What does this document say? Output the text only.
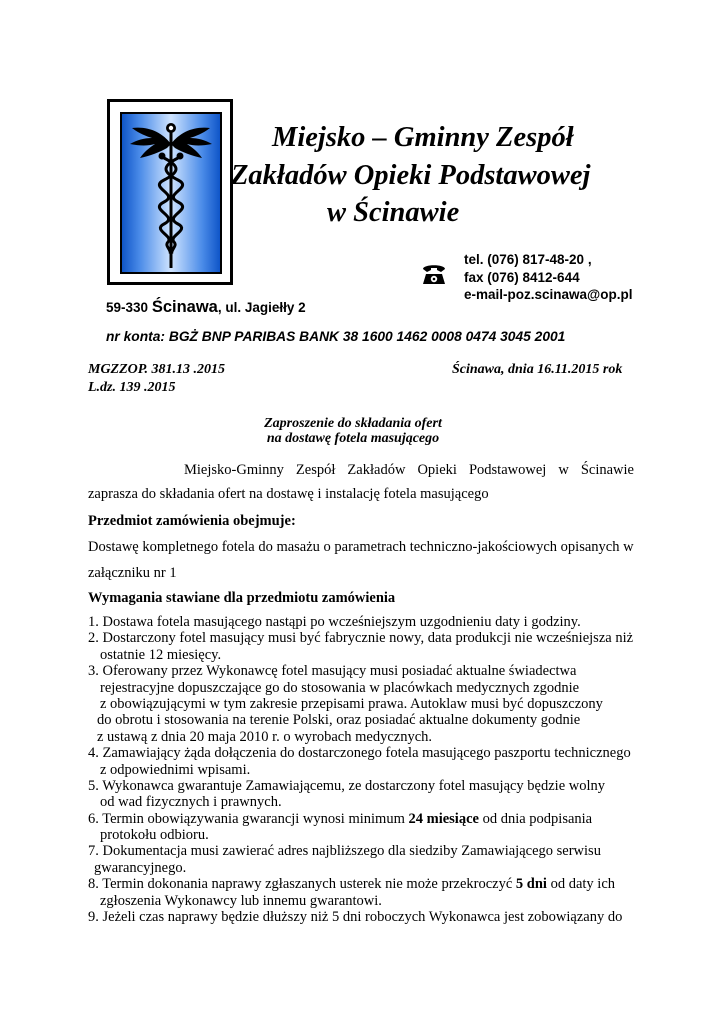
Miejsko – Gminny Zespół
Zakładów Opieki Podstawowej
w Ścinawie
tel. (076) 817-48-20 ,
fax (076) 8412-644
e-mail-poz.scinawa@op.pl
59-330 Ścinawa, ul. Jagiełły 2
nr konta: BGŻ BNP PARIBAS BANK 38 1600 1462 0008 0474 3045 2001
MGZZOP. 381.13 .2015
L.dz. 139 .2015
Ścinawa, dnia 16.11.2015 rok
Zaproszenie do składania ofert
na dostawę fotela masującego
Miejsko-Gminny Zespół Zakładów Opieki Podstawowej w Ścinawie
zaprasza do składania ofert na dostawę i instalację fotela masującego
Przedmiot zamówienia obejmuje:
Dostawę kompletnego fotela do masażu o parametrach techniczno-jakościowych opisanych w
załączniku nr 1
Wymagania stawiane dla przedmiotu zamówienia
1. Dostawa fotela masującego nastąpi po wcześniejszym uzgodnieniu daty i godziny.
2. Dostarczony fotel masujący musi być fabrycznie nowy, data produkcji nie wcześniejsza niż
ostatnie 12 miesięcy.
3. Oferowany przez Wykonawcę fotel masujący musi posiadać aktualne świadectwa
rejestracyjne dopuszczające go do stosowania w placówkach medycznych zgodnie
z obowiązującymi w tym zakresie przepisami prawa. Autoklaw musi być dopuszczony
do obrotu i stosowania na terenie Polski, oraz posiadać aktualne dokumenty godnie
z ustawą z dnia 20 maja 2010 r. o wyrobach medycznych.
4. Zamawiający żąda dołączenia do dostarczonego fotela masującego paszportu technicznego
z odpowiednimi wpisami.
5. Wykonawca gwarantuje Zamawiającemu, ze dostarczony fotel masujący będzie wolny
od wad fizycznych i prawnych.
6. Termin obowiązywania gwarancji wynosi minimum 24 miesiące od dnia podpisania
protokołu odbioru.
7. Dokumentacja musi zawierać adres najbliższego dla siedziby Zamawiającego serwisu
gwarancyjnego.
8. Termin dokonania naprawy zgłaszanych usterek nie może przekroczyć 5 dni od daty ich
zgłoszenia Wykonawcy lub innemu gwarantowi.
9. Jeżeli czas naprawy będzie dłuższy niż 5 dni roboczych Wykonawca jest zobowiązany do
